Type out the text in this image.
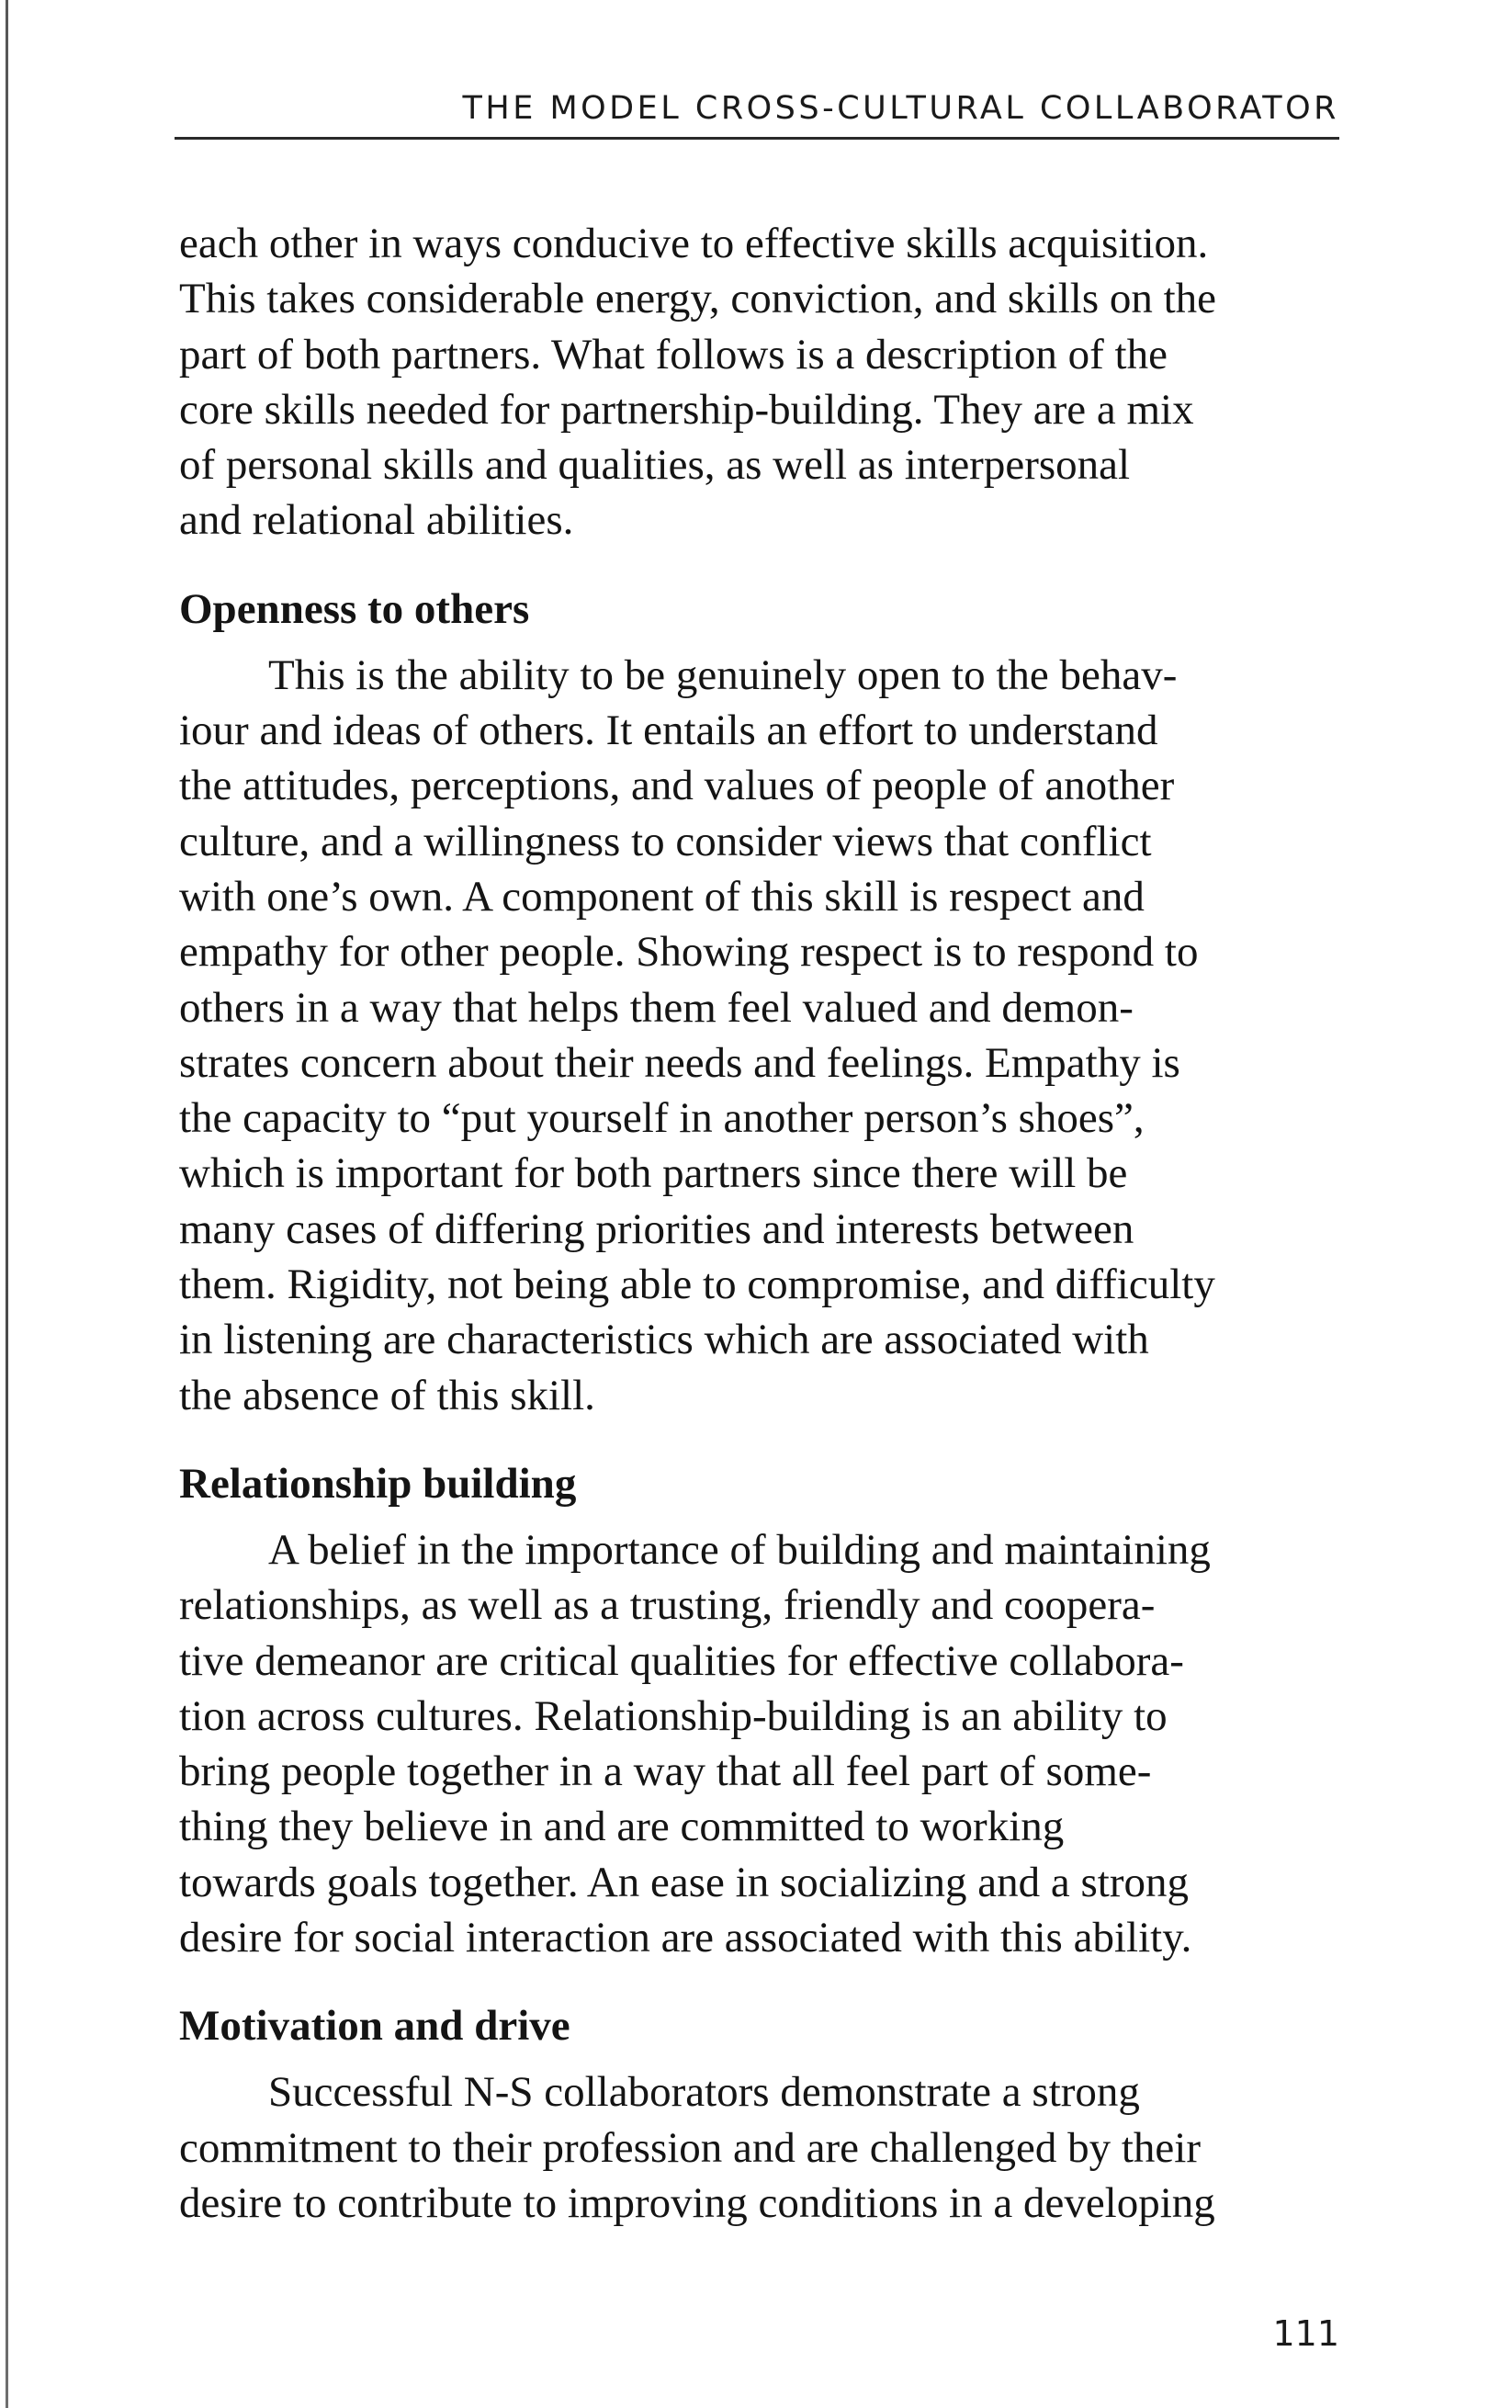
THE MODEL CROSS-CULTURAL COLLABORATOR
each other in ways conducive to effective skills acquisition.
This takes considerable energy, conviction, and skills on the
part of both partners. What follows is a description of the
core skills needed for partnership-building. They are a mix
of personal skills and qualities, as well as interpersonal
and relational abilities.
Openness to others
This is the ability to be genuinely open to the behav-
iour and ideas of others. It entails an effort to understand
the attitudes, perceptions, and values of people of another
culture, and a willingness to consider views that conflict
with one’s own. A component of this skill is respect and
empathy for other people. Showing respect is to respond to
others in a way that helps them feel valued and demon-
strates concern about their needs and feelings. Empathy is
the capacity to “put yourself in another person’s shoes”,
which is important for both partners since there will be
many cases of differing priorities and interests between
them. Rigidity, not being able to compromise, and difficulty
in listening are characteristics which are associated with
the absence of this skill.
Relationship building
A belief in the importance of building and maintaining
relationships, as well as a trusting, friendly and coopera-
tive demeanor are critical qualities for effective collabora-
tion across cultures. Relationship-building is an ability to
bring people together in a way that all feel part of some-
thing they believe in and are committed to working
towards goals together. An ease in socializing and a strong
desire for social interaction are associated with this ability.
Motivation and drive
Successful N-S collaborators demonstrate a strong
commitment to their profession and are challenged by their
desire to contribute to improving conditions in a developing
111
